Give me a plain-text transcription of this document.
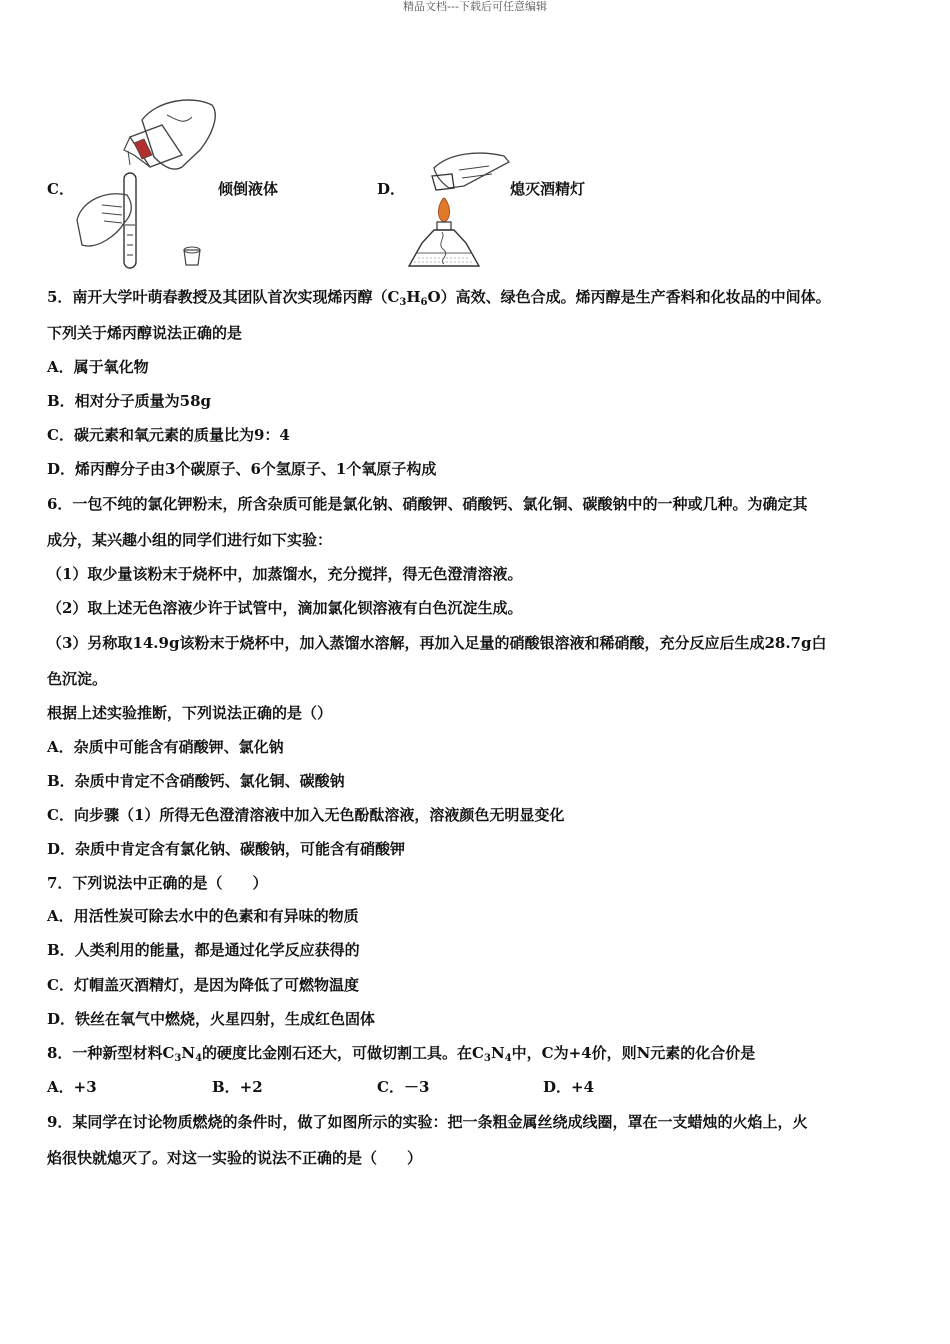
精品文档---下载后可任意编辑
C．	倾倒液体	D．	熄灭酒精灯
5．南开大学叶萌春教授及其团队首次实现烯丙醇$(C_3H_6O)$高效、绿色合成。烯丙醇是生产香料和化妆品的中间体。
下列关于烯丙醇说法正确的是
A．属于氧化物
B．相对分子质量为58g
C．碳元素和氧元素的质量比为9：4
D．烯丙醇分子由3个碳原子、6个氢原子、1个氧原子构成
6．一包不纯的氯化钾粉末，所含杂质可能是氯化钠、硝酸钾、硝酸钙、氯化铜、碳酸钠中的一种或几种。为确定其
成分，某兴趣小组的同学们进行如下实验：
（1）取少量该粉末于烧杯中，加蒸馏水，充分搅拌，得无色澄清溶液。
（2）取上述无色溶液少许于试管中，滴加氯化钡溶液有白色沉淀生成。
（3）另称取14.9g该粉末于烧杯中，加入蒸馏水溶解，再加入足量的硝酸银溶液和稀硝酸，充分反应后生成28.7g白
色沉淀。
根据上述实验推断，下列说法正确的是（）
A．杂质中可能含有硝酸钾、氯化钠
B．杂质中肯定不含硝酸钙、氯化铜、碳酸钠
C．向步骤（1）所得无色澄清溶液中加入无色酚酞溶液，溶液颜色无明显变化
D．杂质中肯定含有氯化钠、碳酸钠，可能含有硝酸钾
7．下列说法中正确的是（　　）
A．用活性炭可除去水中的色素和有异味的物质
B．人类利用的能量，都是通过化学反应获得的
C．灯帽盖灭酒精灯，是因为降低了可燃物温度
D．铁丝在氧气中燃烧，火星四射，生成红色固体
8．一种新型材料$C_3N_4$的硬度比金刚石还大，可做切割工具。在$C_3N_4$中，C为+4价，则N元素的化合价是
A．+3	B．+2	C．－3	D．+4
9．某同学在讨论物质燃烧的条件时，做了如图所示的实验：把一条粗金属丝绕成线圈，罩在一支蜡烛的火焰上，火
焰很快就熄灭了。对这一实验的说法不正确的是（　　）
